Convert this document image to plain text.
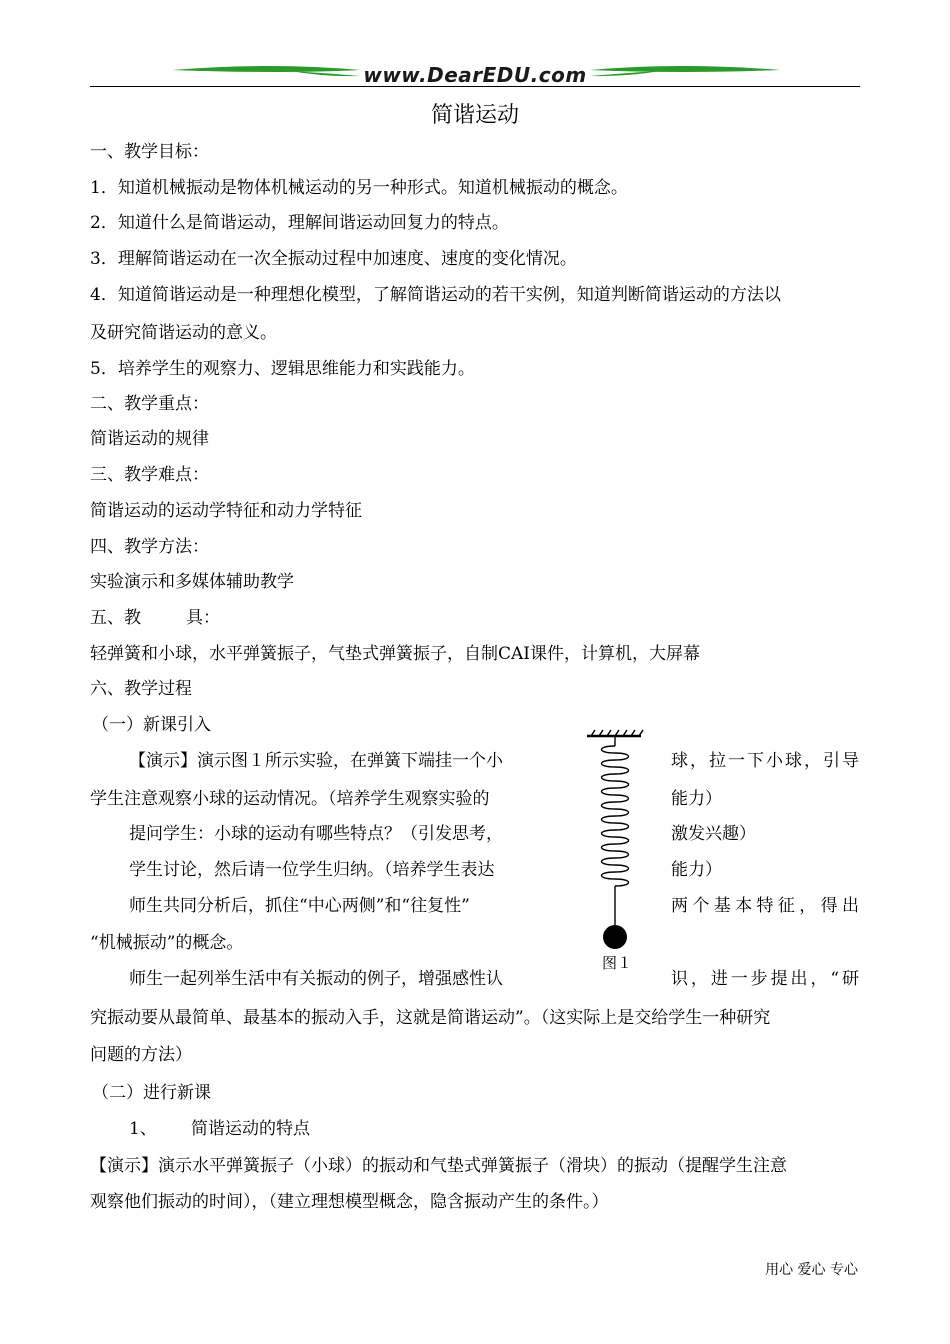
www.DearEDU.com
简谐运动
一、教学目标：
1．知道机械振动是物体机械运动的另一种形式。知道机械振动的概念。
2．知道什么是简谐运动，理解间谐运动回复力的特点。
3．理解简谐运动在一次全振动过程中加速度、速度的变化情况。
4．知道简谐运动是一种理想化模型，了解简谐运动的若干实例，知道判断简谐运动的方法以
及研究简谐运动的意义。
5．培养学生的观察力、逻辑思维能力和实践能力。
二、教学重点：
简谐运动的规律
三、教学难点：
简谐运动的运动学特征和动力学特征
四、教学方法：
实验演示和多媒体辅助教学
五、教	具：
轻弹簧和小球，水平弹簧振子，气垫式弹簧振子，自制CAI课件，计算机，大屏幕
六、教学过程
（一）新课引入
【演示】演示图１所示实验，在弹簧下端挂一个小	球，拉一下小球，引导
学生注意观察小球的运动情况。（培养学生观察实验的	能力）
提问学生：小球的运动有哪些特点？（引发思考，	激发兴趣）
学生讨论，然后请一位学生归纳。（培养学生表达	能力）
师生共同分析后，抓住“中心两侧”和“往复性”	两个基本特征，得出
“机械振动”的概念。
师生一起列举生活中有关振动的例子，增强感性认	识，进一步提出，“研
究振动要从最简单、最基本的振动入手，这就是简谐运动”。（这实际上是交给学生一种研究
问题的方法）
（二）进行新课
1、 简谐运动的特点
【演示】演示水平弹簧振子（小球）的振动和气垫式弹簧振子（滑块）的振动（提醒学生注意
观察他们振动的时间），（建立理想模型概念，隐含振动产生的条件。）
图１
用心 爱心 专心
